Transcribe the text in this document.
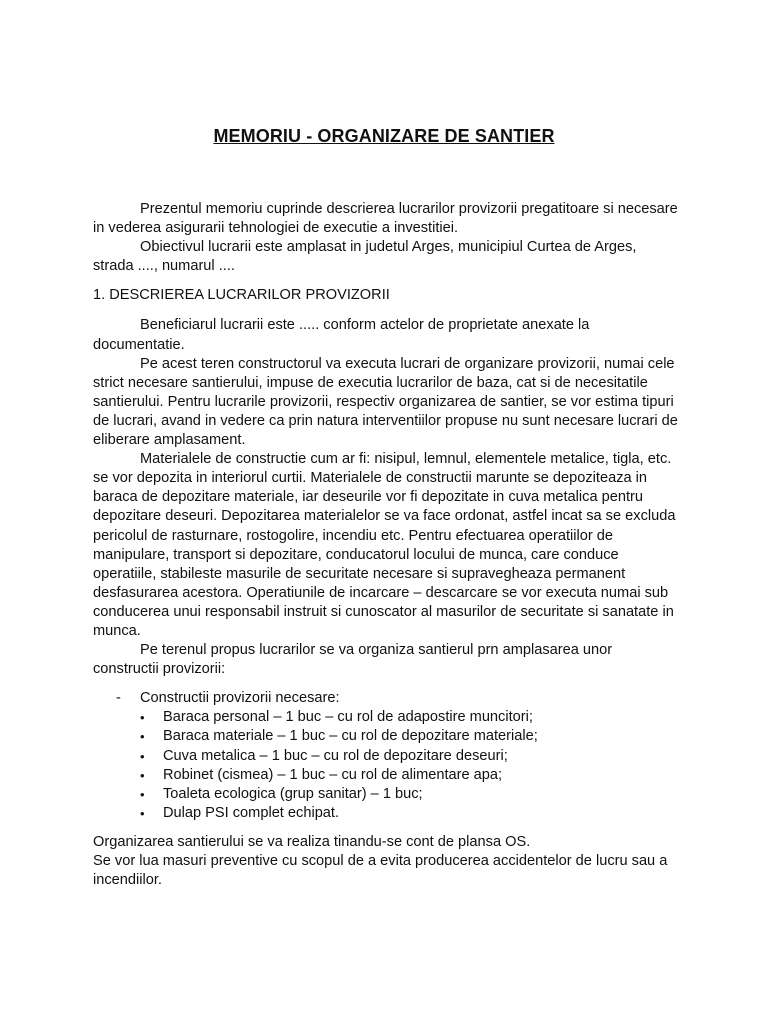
MEMORIU - ORGANIZARE DE SANTIER

Prezentul memoriu cuprinde descrierea lucrarilor provizorii pregatitoare si necesare in vederea asigurarii tehnologiei de executie a investitiei.

Obiectivul lucrarii este amplasat in judetul Arges, municipiul Curtea de Arges, strada ...., numarul ....

1. DESCRIEREA LUCRARILOR PROVIZORII

Beneficiarul lucrarii este ..... conform actelor de proprietate anexate la documentatie.

Pe acest teren constructorul va executa lucrari de organizare provizorii, numai cele strict necesare santierului, impuse de executia lucrarilor de baza, cat si de necesitatile santierului. Pentru lucrarile provizorii, respectiv organizarea de santier, se vor estima tipuri de lucrari, avand in vedere ca prin natura interventiilor propuse nu sunt necesare lucrari de eliberare amplasament.

Materialele de constructie cum ar fi: nisipul, lemnul, elementele metalice, tigla, etc. se vor depozita in interiorul curtii. Materialele de constructii marunte se depoziteaza in baraca de depozitare materiale, iar deseurile vor fi depozitate in cuva metalica pentru depozitare deseuri. Depozitarea materialelor se va face ordonat, astfel incat sa se excluda pericolul de rasturnare, rostogolire, incendiu etc. Pentru efectuarea operatiilor de manipulare, transport si depozitare, conducatorul locului de munca, care conduce operatiile, stabileste masurile de securitate necesare si supravegheaza permanent desfasurarea acestora. Operatiunile de incarcare – descarcare se vor executa numai sub conducerea unui responsabil instruit si cunoscator al masurilor de securitate si sanatate in munca.

Pe terenul propus lucrarilor se va organiza santierul prn amplasarea unor constructii provizorii:

- Constructii provizorii necesare:
• Baraca personal – 1 buc – cu rol de adapostire muncitori;
• Baraca materiale – 1 buc – cu rol de depozitare materiale;
• Cuva metalica – 1 buc – cu rol de depozitare deseuri;
• Robinet (cismea) – 1 buc – cu rol de alimentare apa;
• Toaleta ecologica (grup sanitar) – 1 buc;
• Dulap PSI complet echipat.

Organizarea santierului se va realiza tinandu-se cont de plansa OS.

Se vor lua masuri preventive cu scopul de a evita producerea accidentelor de lucru sau a incendiilor.
